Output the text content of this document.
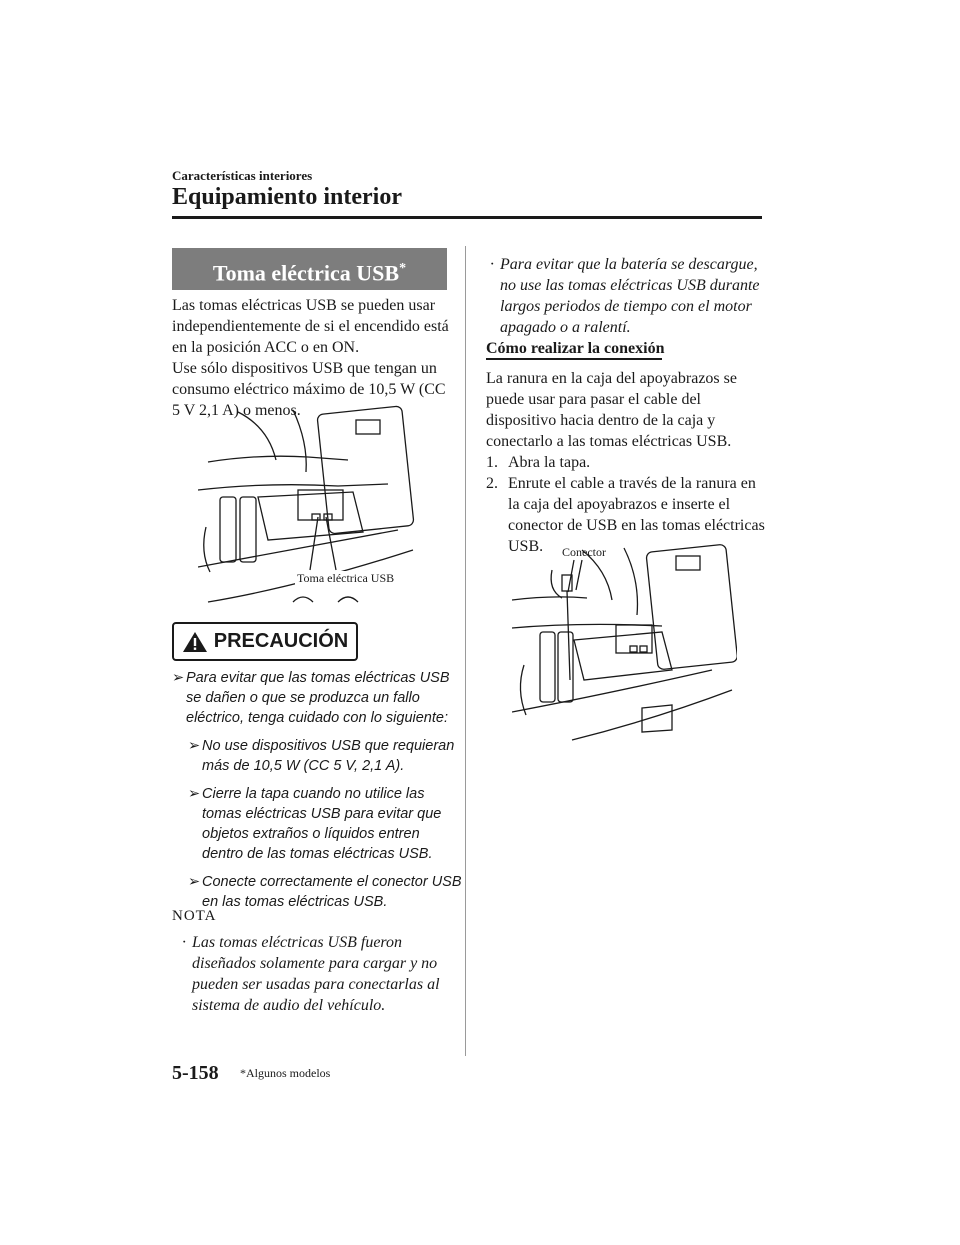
Características interiores
Equipamiento interior
Toma eléctrica USB*

Las tomas eléctricas USB se pueden usar independientemente de si el encendido está en la posición ACC o en ON.

Use sólo dispositivos USB que tengan un consumo eléctrico máximo de 10,5 W (CC 5 V 2,1 A) o menos.

Toma eléctrica USB
PRECAUCIÓN
➢ Para evitar que las tomas eléctricas USB se dañen o que se produzca un fallo eléctrico, tenga cuidado con lo siguiente:
➢ No use dispositivos USB que requieran más de 10,5 W (CC 5 V, 2,1 A).
➢ Cierre la tapa cuando no utilice las tomas eléctricas USB para evitar que objetos extraños o líquidos entren dentro de las tomas eléctricas USB.
➢ Conecte correctamente el conector USB en las tomas eléctricas USB.
NOTA
· Las tomas eléctricas USB fueron diseñados solamente para cargar y no pueden ser usadas para conectarlas al sistema de audio del vehículo.
· Para evitar que la batería se descargue, no use las tomas eléctricas USB durante largos periodos de tiempo con el motor apagado o a ralentí.
Cómo realizar la conexión

La ranura en la caja del apoyabrazos se puede usar para pasar el cable del dispositivo hacia dentro de la caja y conectarlo a las tomas eléctricas USB.

1. Abra la tapa.
2. Enrute el cable a través de la ranura en la caja del apoyabrazos e inserte el conector de USB en las tomas eléctricas USB.	Conector
5-158 *Algunos modelos
